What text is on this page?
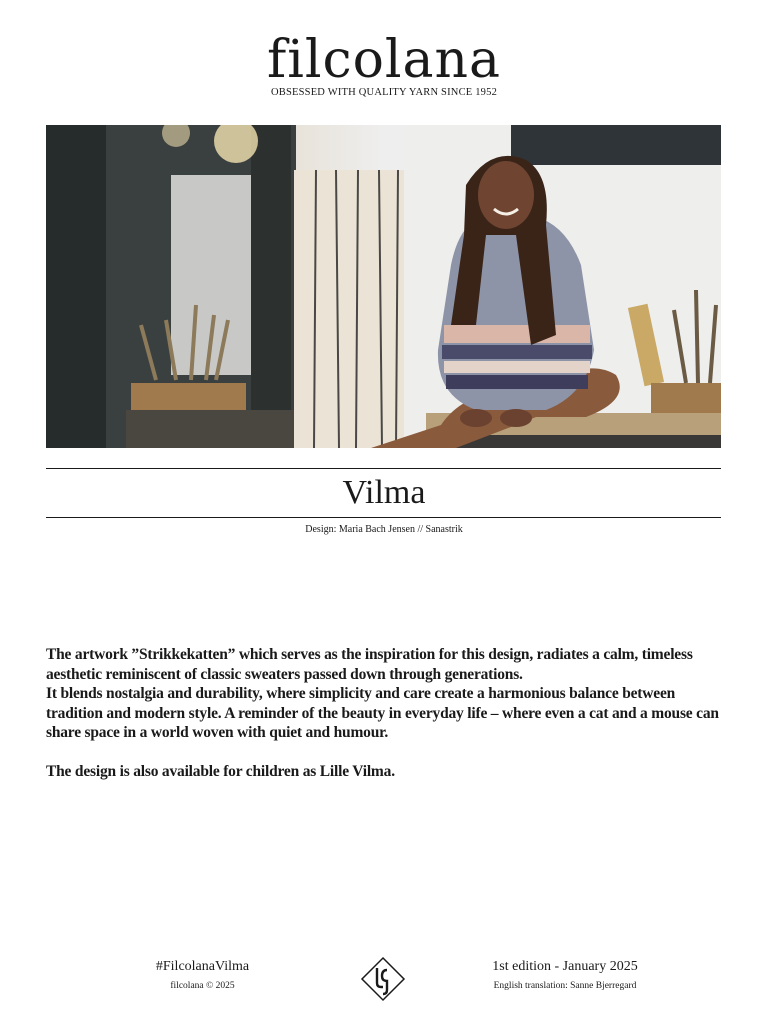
filcolana
OBSESSED WITH QUALITY YARN SINCE 1952
Vilma
Design: Maria Bach Jensen // Sanastrik

The artwork ”Strikkekatten” which serves as the inspiration for this design, radiates a calm, timeless aesthetic reminiscent of classic sweaters passed down through generations.
It blends nostalgia and durability, where simplicity and care create a harmonious balance between tradition and modern style. A reminder of the beauty in everyday life – where even a cat and a mouse can share space in a world woven with quiet and humour.

The design is also available for children as Lille Vilma.

#FilcolanaVilma
filcolana © 2025
1st edition - January 2025
English translation: Sanne Bjerregard
